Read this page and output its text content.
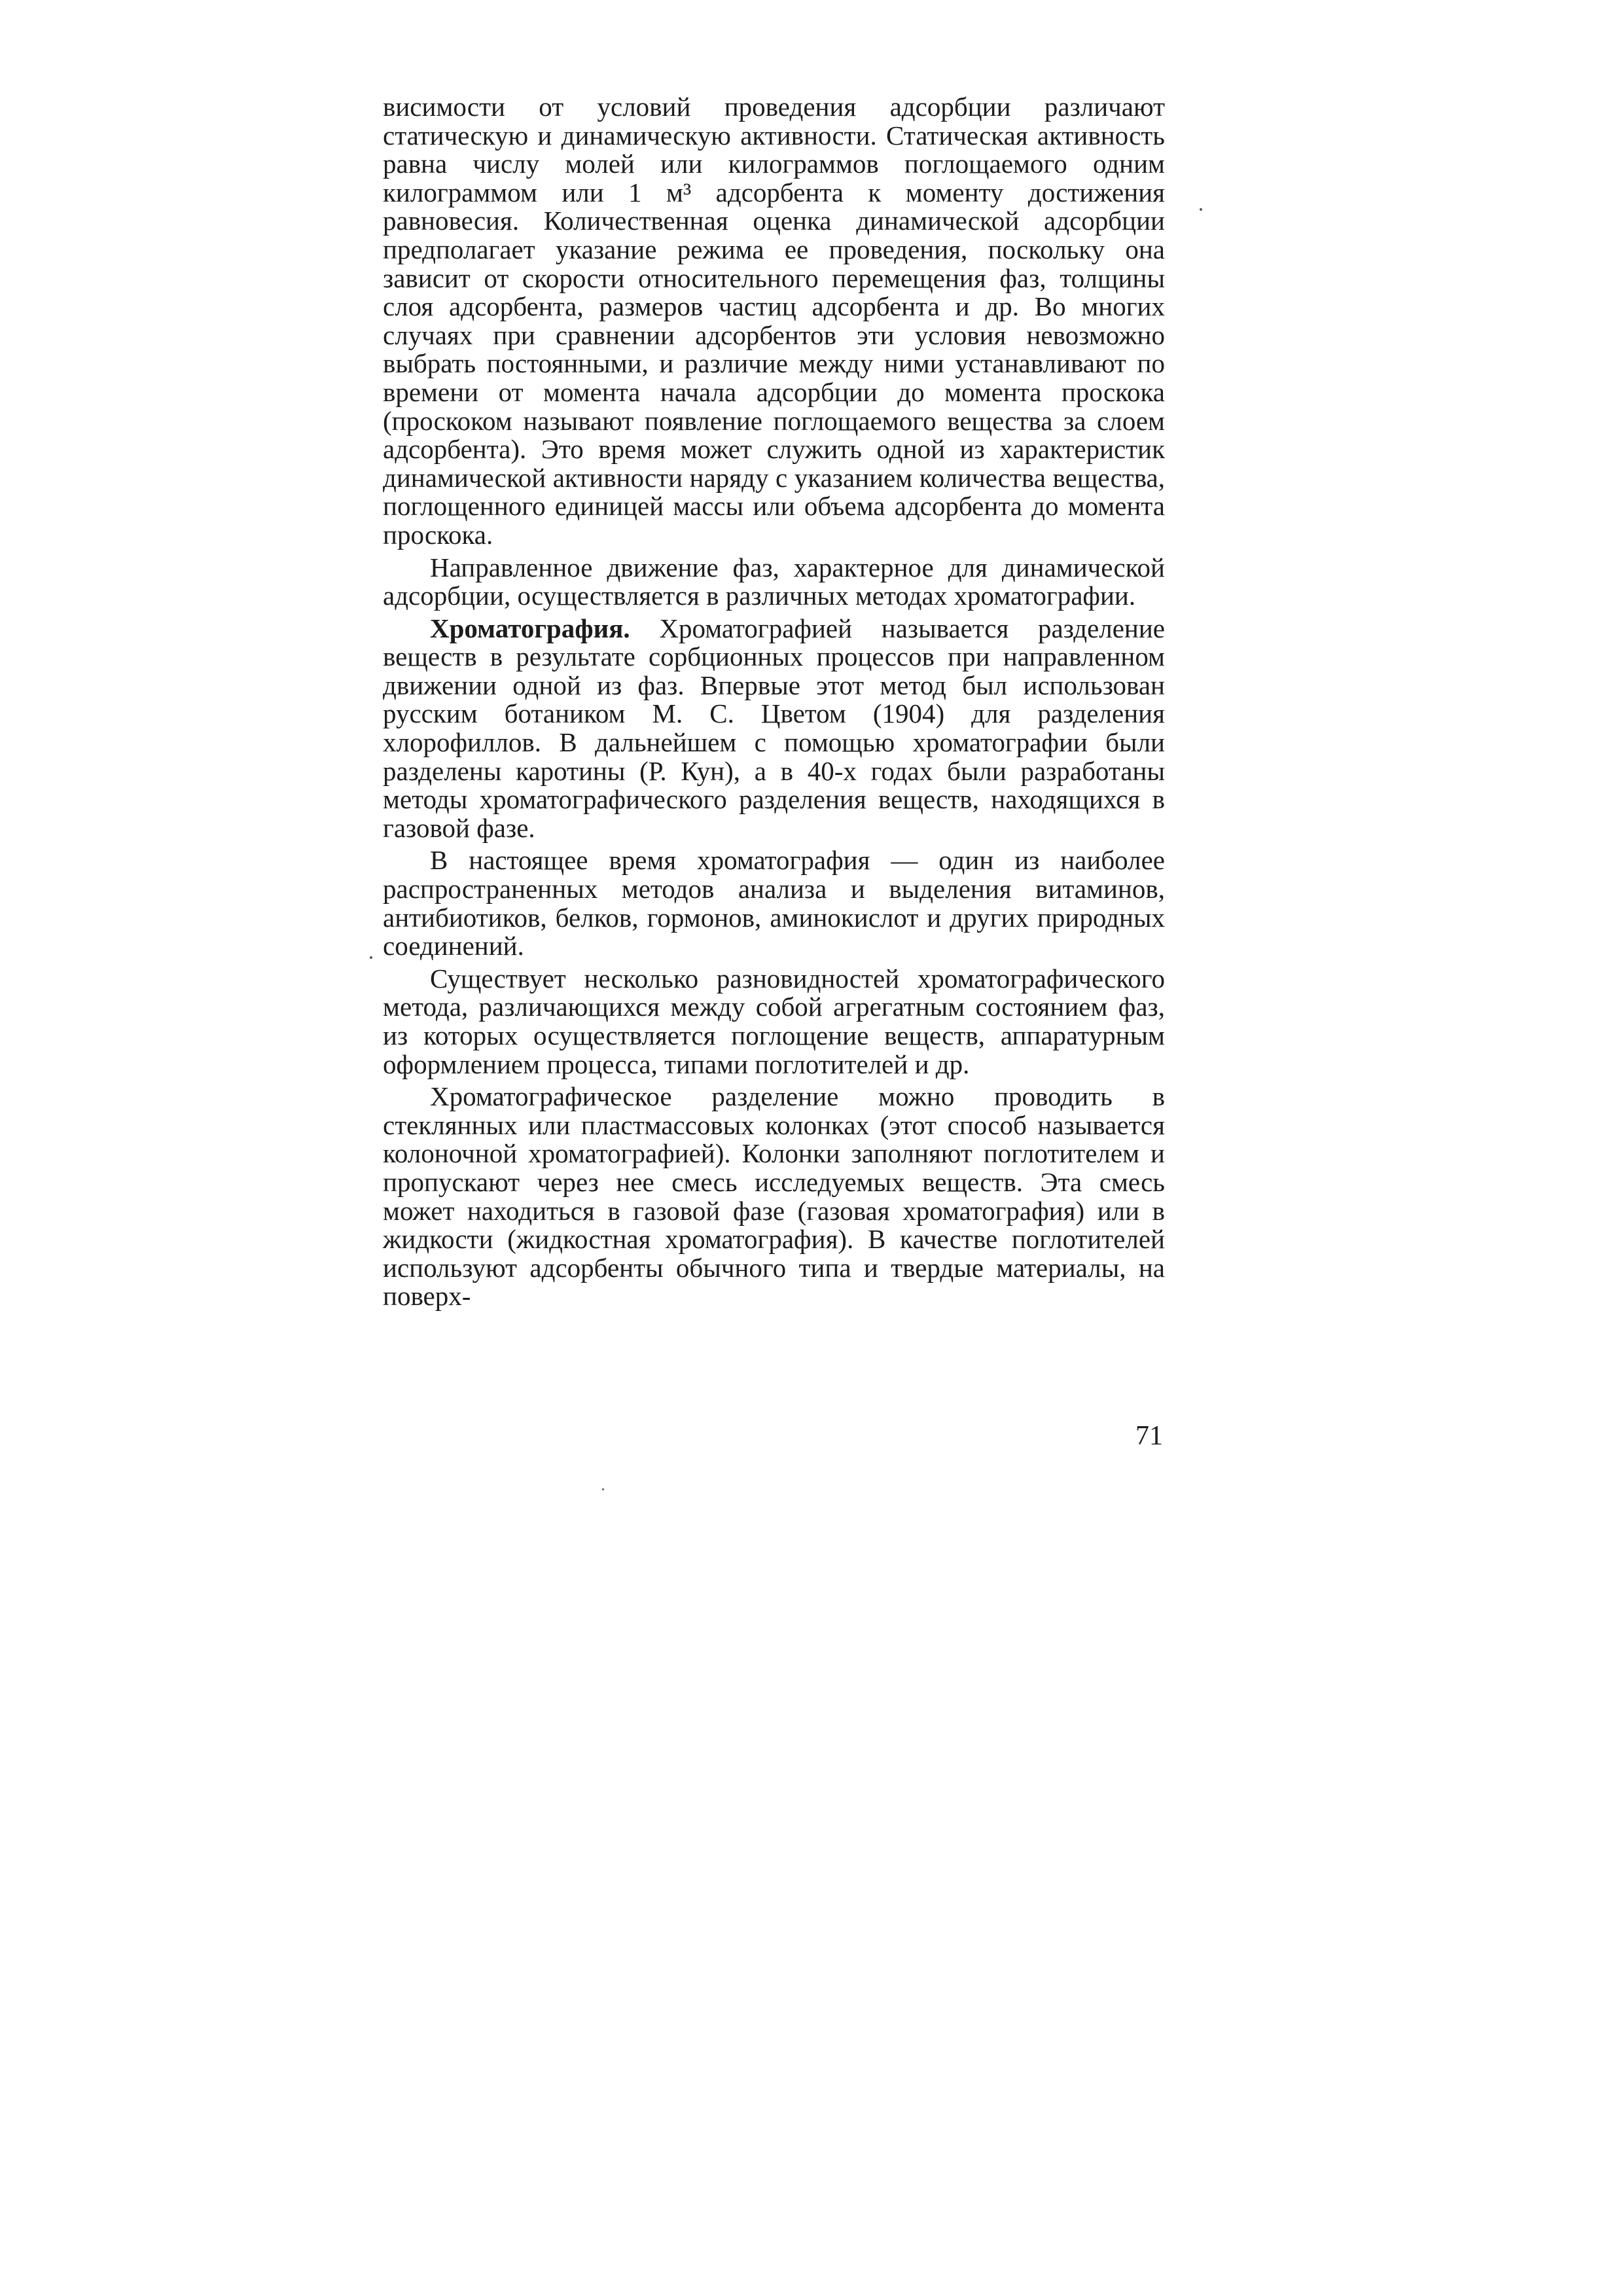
висимости от условий проведения адсорбции различают статическую и динамическую активности. Статическая активность равна числу молей или килограммов поглощаемого одним килограммом или 1 м³ адсорбента к моменту достижения равновесия. Количественная оценка динамической адсорбции предполагает указание режима ее проведения, поскольку она зависит от скорости относительного перемещения фаз, толщины слоя адсорбента, размеров частиц адсорбента и др. Во многих случаях при сравнении адсорбентов эти условия невозможно выбрать постоянными, и различие между ними устанавливают по времени от момента начала адсорбции до момента проскока (проскоком называют появление поглощаемого вещества за слоем адсорбента). Это время может служить одной из характеристик динамической активности наряду с указанием количества вещества, поглощенного единицей массы или объема адсорбента до момента проскока.

Направленное движение фаз, характерное для динамической адсорбции, осуществляется в различных методах хроматографии.

Хроматография. Хроматографией называется разделение веществ в результате сорбционных процессов при направленном движении одной из фаз. Впервые этот метод был использован русским ботаником М. С. Цветом (1904) для разделения хлорофиллов. В дальнейшем с помощью хроматографии были разделены каротины (Р. Кун), а в 40-х годах были разработаны методы хроматографического разделения веществ, находящихся в газовой фазе.

В настоящее время хроматография — один из наиболее распространенных методов анализа и выделения витаминов, антибиотиков, белков, гормонов, аминокислот и других природных соединений.

Существует несколько разновидностей хроматографического метода, различающихся между собой агрегатным состоянием фаз, из которых осуществляется поглощение веществ, аппаратурным оформлением процесса, типами поглотителей и др.

Хроматографическое разделение можно проводить в стеклянных или пластмассовых колонках (этот способ называется колоночной хроматографией). Колонки заполняют поглотителем и пропускают через нее смесь исследуемых веществ. Эта смесь может находиться в газовой фазе (газовая хроматография) или в жидкости (жидкостная хроматография). В качестве поглотителей используют адсорбенты обычного типа и твердые материалы, на поверх-

71
